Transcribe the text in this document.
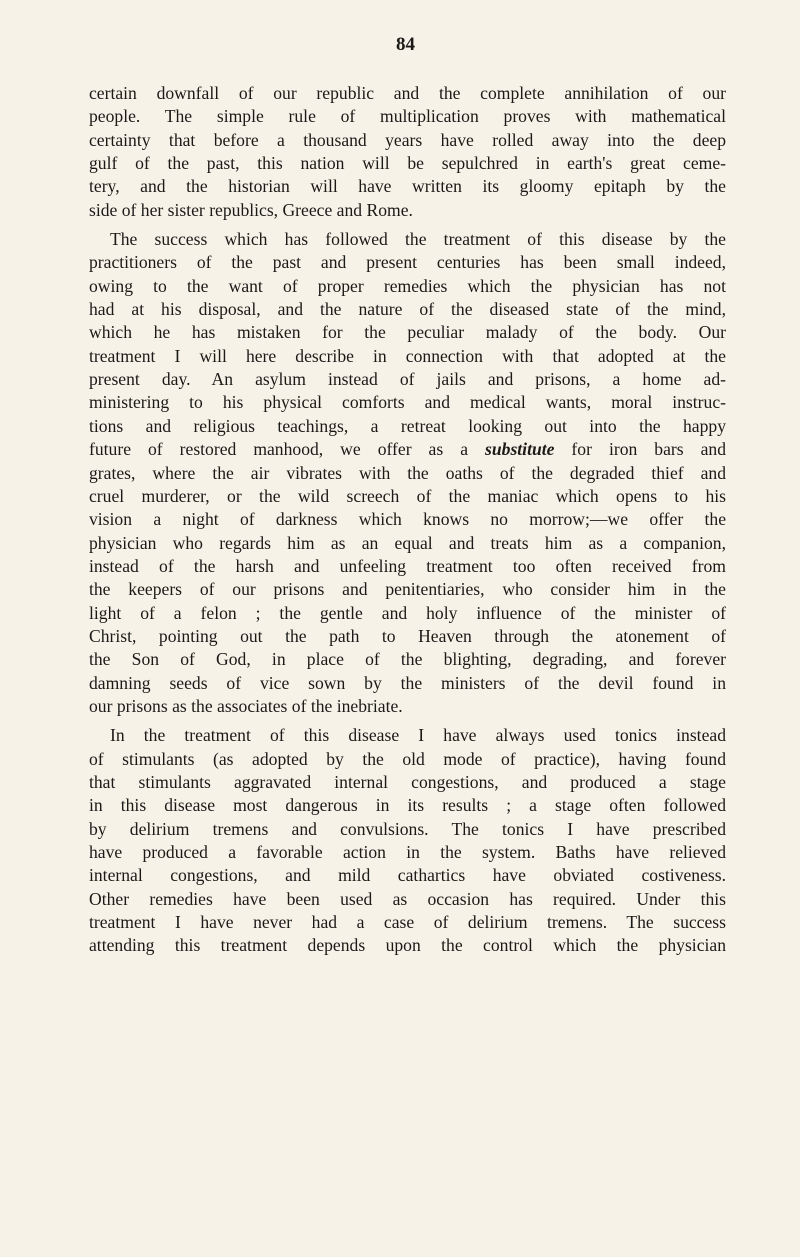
84

certain downfall of our republic and the complete annihilation of our
people. The simple rule of multiplication proves with mathematical
certainty that before a thousand years have rolled away into the deep
gulf of the past, this nation will be sepulchred in earth's great ceme-
tery, and the historian will have written its gloomy epitaph by the
side of her sister republics, Greece and Rome.

The success which has followed the treatment of this disease by the
practitioners of the past and present centuries has been small indeed,
owing to the want of proper remedies which the physician has not
had at his disposal, and the nature of the diseased state of the mind,
which he has mistaken for the peculiar malady of the body. Our
treatment I will here describe in connection with that adopted at the
present day. An asylum instead of jails and prisons, a home ad-
ministering to his physical comforts and medical wants, moral instruc-
tions and religious teachings, a retreat looking out into the happy
future of restored manhood, we offer as a substitute for iron bars and
grates, where the air vibrates with the oaths of the degraded thief and
cruel murderer, or the wild screech of the maniac which opens to his
vision a night of darkness which knows no morrow;—we offer the
physician who regards him as an equal and treats him as a companion,
instead of the harsh and unfeeling treatment too often received from
the keepers of our prisons and penitentiaries, who consider him in the
light of a felon ; the gentle and holy influence of the minister of
Christ, pointing out the path to Heaven through the atonement of
the Son of God, in place of the blighting, degrading, and forever
damning seeds of vice sown by the ministers of the devil found in
our prisons as the associates of the inebriate.

In the treatment of this disease I have always used tonics instead
of stimulants (as adopted by the old mode of practice), having found
that stimulants aggravated internal congestions, and produced a stage
in this disease most dangerous in its results ; a stage often followed
by delirium tremens and convulsions. The tonics I have prescribed
have produced a favorable action in the system. Baths have relieved
internal congestions, and mild cathartics have obviated costiveness.
Other remedies have been used as occasion has required. Under this
treatment I have never had a case of delirium tremens. The success
attending this treatment depends upon the control which the physician
